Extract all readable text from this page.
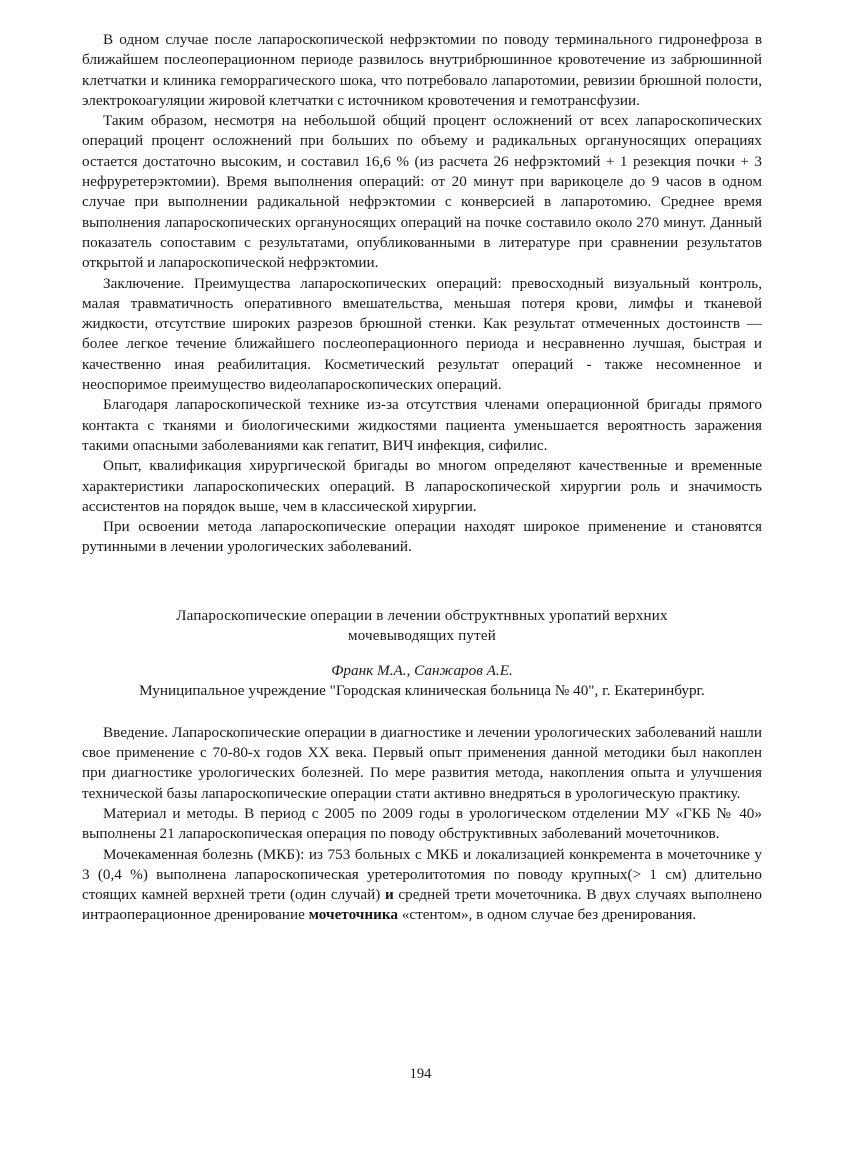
В одном случае после лапароскопической нефрэктомии по поводу терминального гидронефроза в ближайшем послеоперационном периоде развилось внутрибрюшинное кровотечение из забрюшинной клетчатки и клиника геморрагического шока, что потребовало лапаротомии, ревизии брюшной полости, электрокоагуляции жировой клетчатки с источником кровотечения и гемотрансфузии.

Таким образом, несмотря на небольшой общий процент осложнений от всех лапароскопических операций процент осложнений при больших по объему и радикальных органуносящих операциях остается достаточно высоким, и составил 16,6 % (из расчета 26 нефрэктомий + 1 резекция почки + 3 нефруретерэктомии). Время выполнения операций: от 20 минут при варикоцеле до 9 часов в одном случае при выполнении радикальной нефрэктомии с конверсией в лапаротомию. Среднее время выполнения лапароскопических органуносящих операций на почке составило около 270 минут. Данный показатель сопоставим с результатами, опубликованными в литературе при сравнении результатов открытой и лапароскопической нефрэктомии.

Заключение. Преимущества лапароскопических операций: превосходный визуальный контроль, малая травматичность оперативного вмешательства, меньшая потеря крови, лимфы и тканевой жидкости, отсутствие широких разрезов брюшной стенки. Как результат отмеченных достоинств — более легкое течение ближайшего послеоперационного периода и несравненно лучшая, быстрая и качественно иная реабилитация. Косметический результат операций - также несомненное и неоспоримое преимущество видеолапароскопических операций.

Благодаря лапароскопической технике из-за отсутствия членами операционной бригады прямого контакта с тканями и биологическими жидкостями пациента уменьшается вероятность заражения такими опасными заболеваниями как гепатит, ВИЧ инфекция, сифилис.

Опыт, квалификация хирургической бригады во многом определяют качественные и временные характеристики лапароскопических операций. В лапароскопической хирургии роль и значимость ассистентов на порядок выше, чем в классической хирургии.

При освоении метода лапароскопические операции находят широкое применение и становятся рутинными в лечении урологических заболеваний.

Лапароскопические операции в лечении обструктнвных уропатий верхних
мочевыводящих путей

Франк М.А., Санжаров А.Е.

Муниципальное учреждение "Городская клиническая больница № 40", г. Екатеринбург.

Введение. Лапароскопические операции в диагностике и лечении урологических заболеваний нашли свое применение с 70-80-х годов XX века. Первый опыт применения данной методики был накоплен при диагностике урологических болезней. По мере развития метода, накопления опыта и улучшения технической базы лапароскопические операции стати активно внедряться в урологическую практику.

Материал и методы. В период с 2005 по 2009 годы в урологическом отделении МУ «ГКБ № 40» выполнены 21 лапароскопическая операция по поводу обструктивных заболеваний мочеточников.

Мочекаменная болезнь (МКБ): из 753 больных с МКБ и локализацией конкремента в мочеточнике у 3 (0,4 %) выполнена лапароскопическая уретеролитотомия по поводу крупных(> 1 см) длительно стоящих камней верхней трети (один случай) и средней трети мочеточника. В двух случаях выполнено интраоперационное дренирование мочеточника «стентом», в одном случае без дренирования.

194
